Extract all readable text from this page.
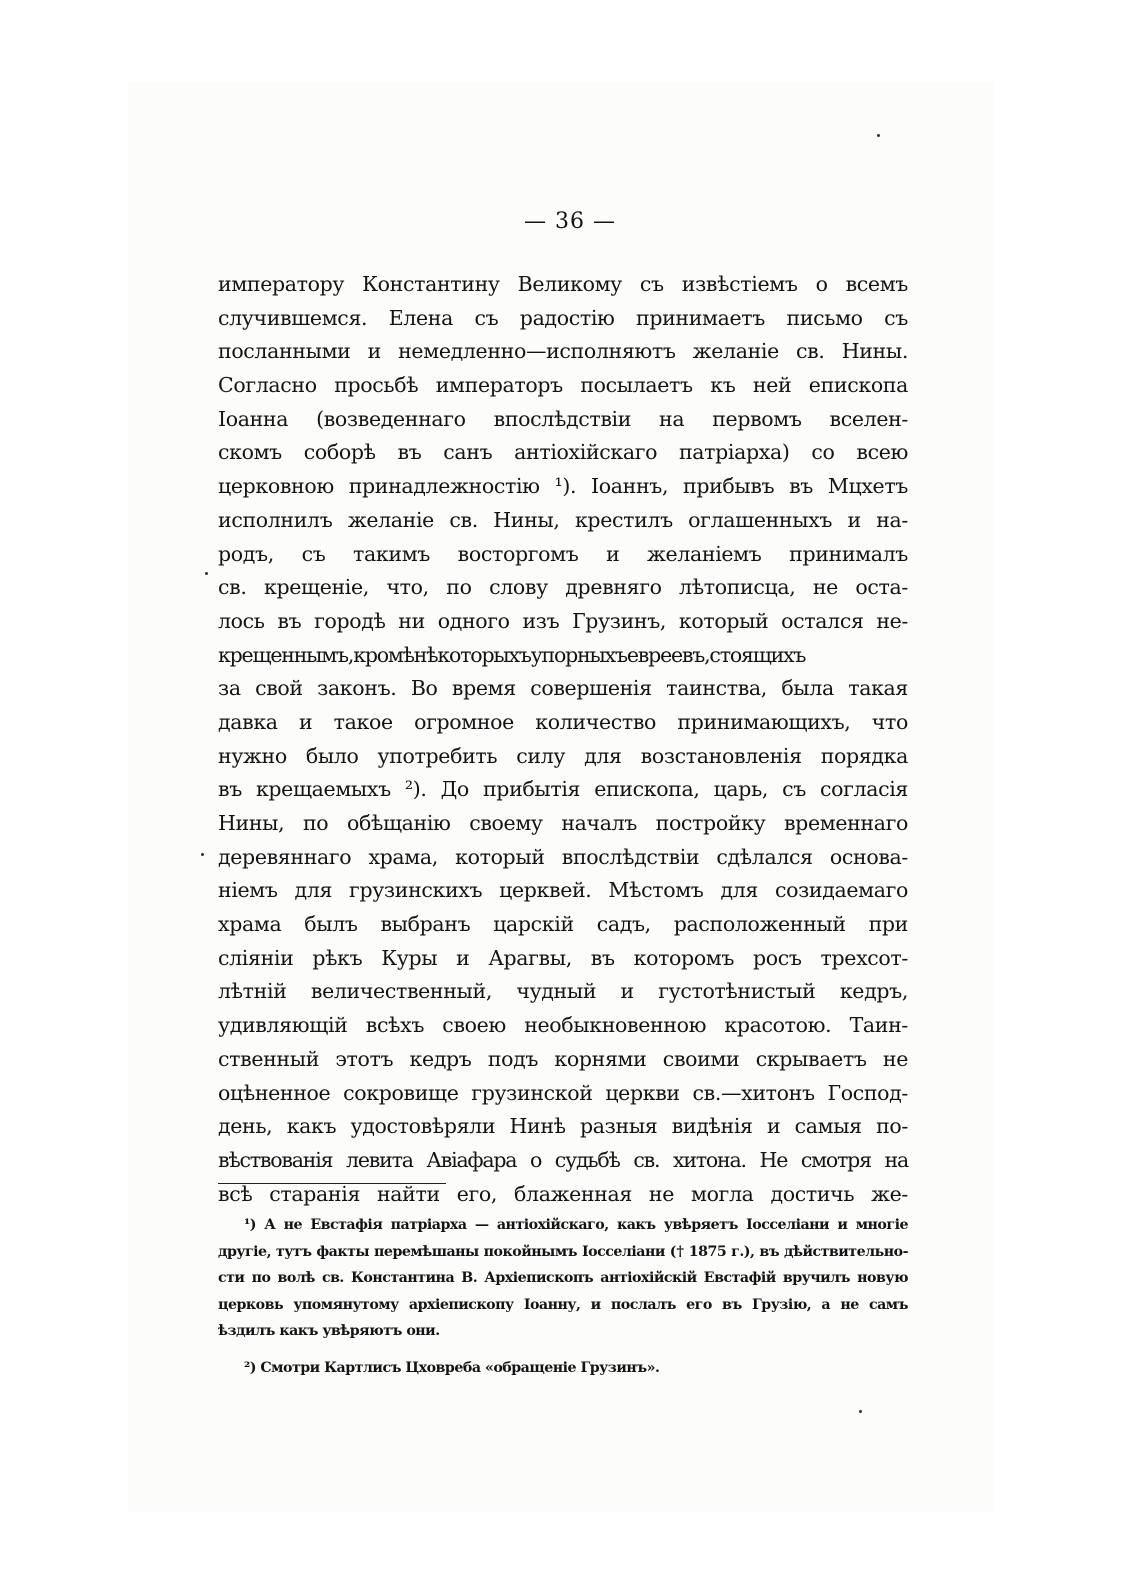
— 36 —
императору Константину Великому съ извѣстіемъ о всемъ
случившемся. Елена съ радостію принимаетъ письмо съ
посланными и немедленно—исполняютъ желаніе св. Нины.
Согласно просьбѣ императоръ посылаетъ къ ней епископа
Іоанна (возведеннаго впослѣдствіи на первомъ вселен-
скомъ соборѣ въ санъ антіохійскаго патріарха) со всею
церковною принадлежностію ¹). Іоаннъ, прибывъ въ Мцхетъ
исполнилъ желаніе св. Нины, крестилъ оглашенныхъ и на-
родъ, съ такимъ восторгомъ и желаніемъ принималъ
св. крещеніе, что, по слову древняго лѣтописца, не оста-
лось въ городѣ ни одного изъ Грузинъ, который остался не-
крещеннымъ,кромѣнѣкоторыхъупорныхъевреевъ,стоящихъ
за свой законъ. Во время совершенія таинства, была такая
давка и такое огромное количество принимающихъ, что
нужно было употребить силу для возстановленія порядка
въ крещаемыхъ ²). До прибытія епископа, царь, съ согласія
Нины, по обѣщанію своему началъ постройку временнаго
деревяннаго храма, который впослѣдствіи сдѣлался основа-
ніемъ для грузинскихъ церквей. Мѣстомъ для созидаемаго
храма былъ выбранъ царскій садъ, расположенный при
сліяніи рѣкъ Куры и Арагвы, въ которомъ росъ трехсот-
лѣтній величественный, чудный и густотѣнистый кедръ,
удивляющій всѣхъ своею необыкновенною красотою. Таин-
ственный этотъ кедръ подъ корнями своими скрываетъ не
оцѣненное сокровище грузинской церкви св.—хитонъ Господ-
день, какъ удостовѣряли Нинѣ разныя видѣнія и самыя по-
вѣствованія левита Авіафара о судьбѣ св. хитона. Не смотря на
всѣ старанія найти его, блаженная не могла достичь же-
¹) А не Евстафія патріарха — антіохійскаго, какъ увѣряетъ Іосселіани и многіе
другіе, тутъ факты перемѣшаны покойнымъ Іосселіани († 1875 г.), въ дѣйствительно-
сти по волѣ св. Константина В. Архіепископъ антіохійскій Евстафій вручилъ новую
церковь упомянутому архіепископу Іоанну, и послалъ его въ Грузію, а не самъ
ѣздилъ какъ увѣряютъ они.
²) Смотри Картлисъ Цховреба «обращеніе Грузинъ».
